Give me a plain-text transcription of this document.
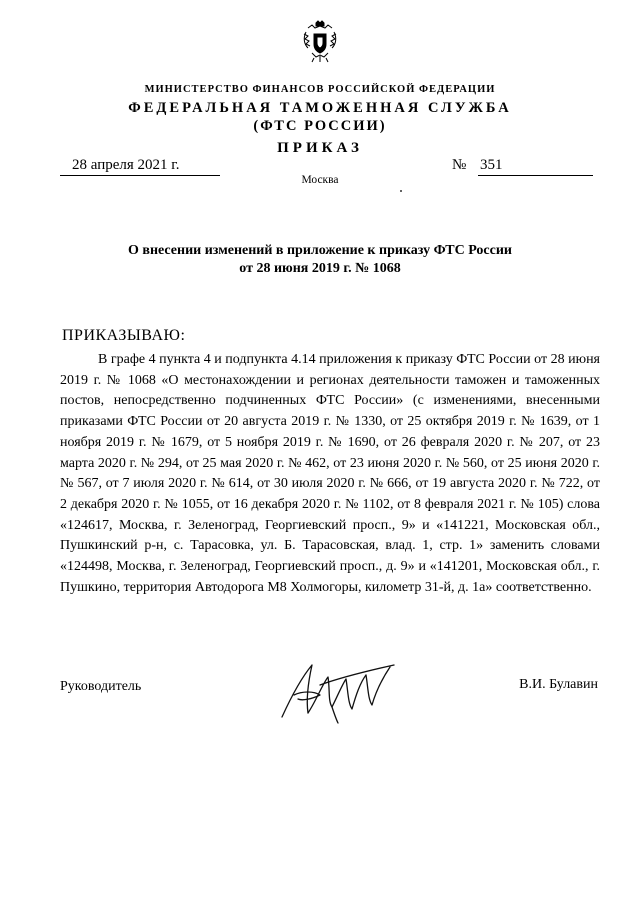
МИНИСТЕРСТВО ФИНАНСОВ РОССИЙСКОЙ ФЕДЕРАЦИИ
ФЕДЕРАЛЬНАЯ ТАМОЖЕННАЯ СЛУЖБА
(ФТС РОССИИ)
ПРИКАЗ
28 апреля 2021 г.	№ 351
Москва
О внесении изменений в приложение к приказу ФТС России
от 28 июня 2019 г. № 1068
ПРИКАЗЫВАЮ:

В графе 4 пункта 4 и подпункта 4.14 приложения к приказу ФТС России от 28 июня 2019 г. № 1068 «О местонахождении и регионах деятельности таможен и таможенных постов, непосредственно подчиненных ФТС России» (с изменениями, внесенными приказами ФТС России от 20 августа 2019 г. № 1330, от 25 октября 2019 г. № 1639, от 1 ноября 2019 г. № 1679, от 5 ноября 2019 г. № 1690, от 26 февраля 2020 г. № 207, от 23 марта 2020 г. № 294, от 25 мая 2020 г. № 462, от 23 июня 2020 г. № 560, от 25 июня 2020 г. № 567, от 7 июля 2020 г. № 614, от 30 июля 2020 г. № 666, от 19 августа 2020 г. № 722, от 2 декабря 2020 г. № 1055, от 16 декабря 2020 г. № 1102, от 8 февраля 2021 г. № 105) слова «124617, Москва, г. Зеленоград, Георгиевский просп., 9» и «141221, Московская обл., Пушкинский р-н, с. Тарасовка, ул. Б. Тарасовская, влад. 1, стр. 1» заменить словами «124498, Москва, г. Зеленоград, Георгиевский просп., д. 9» и «141201, Московская обл., г. Пушкино, территория Автодорога М8 Холмогоры, километр 31-й, д. 1а» соответственно.

Руководитель	В.И. Булавин
